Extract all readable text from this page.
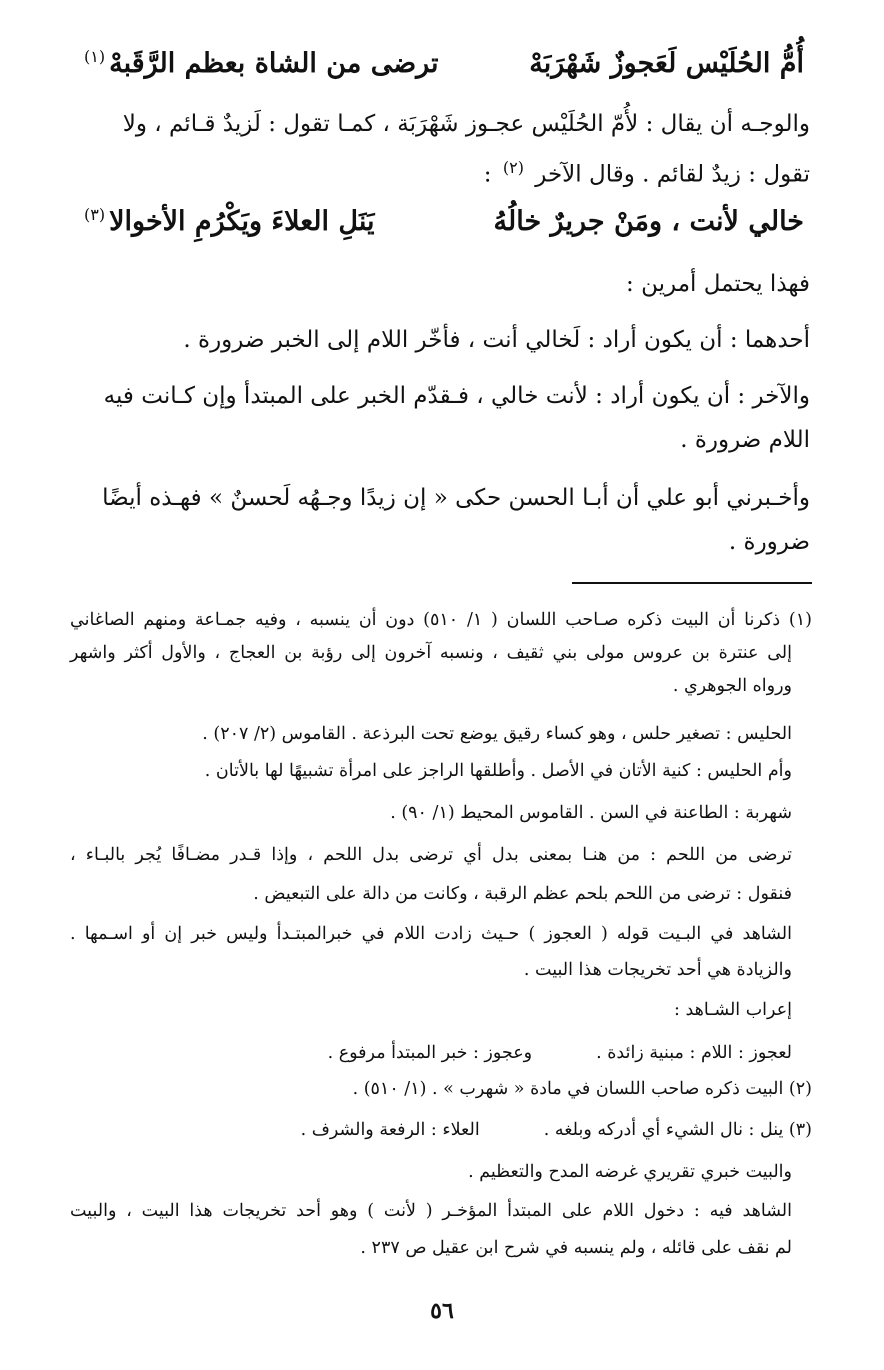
أُمُّ الحُلَيْس لَعَجوزٌ شَهْرَبَهْ
ترضى من الشاة بعظم الرَّقَبهْ$^{(١)}$
والوجـه أن يقال : لأُمّ الحُلَيْس عجـوز شَهْرَبَة ، كمـا تقول : لَزيدٌ قـائم ، ولا
تقول : زيدٌ لقائم . وقال الآخر $^{(٢)}$ :
خالي لأنت ، ومَنْ جريرٌ خالُهُ
يَنَلِ العلاءَ ويَكْرُمِ الأخوالا$^{(٣)}$
فهذا يحتمل أمرين :
أحدهما : أن يكون أراد : لَخالي أنت ، فأخّر اللام إلى الخبر ضرورة .
والآخر : أن يكون أراد : لأنت خالي ، فـقدّم الخبر على المبتدأ وإن كـانت فيه
اللام ضرورة .
وأخـبرني أبو علي أن أبـا الحسن حكى « إن زيدًا وجـهُه لَحسنٌ » فهـذه أيضًا
ضرورة .
(١) ذكرنا أن البيت ذكره صـاحب اللسان ( ١/ ٥١٠) دون أن ينسبه ، وفيه جمـاعة ومنهم الصاغاني
إلى عنترة بن عروس مولى بني ثقيف ، ونسبه آخرون إلى رؤبة بن العجاج ، والأول أكثر واشهر
ورواه الجوهري .
الحليس : تصغير حلس ، وهو كساء رقيق يوضع تحت البرذعة . القاموس (٢/ ٢٠٧) .
وأم الحليس : كنية الأتان في الأصل . وأطلقها الراجز على امرأة تشبيهًا لها بالأتان .
شهربة : الطاعنة في السن . القاموس المحيط (١/ ٩٠) .
ترضى من اللحم : من هنـا بمعنى بدل أي ترضى بدل اللحم ، وإذا قـدر مضـافًا يُجر بالبـاء ،
فنقول : ترضى من اللحم بلحم عظم الرقبة ، وكانت من دالة على التبعيض .
الشاهد في البـيت قوله ( العجوز ) حـيث زادت اللام في خبرالمبتـدأ وليس خبر إن أو اسـمها .
والزيادة هي أحد تخريجات هذا البيت .
إعراب الشـاهد :
لعجوز : اللام : مبنية زائدة .
وعجوز : خبر المبتدأ مرفوع .
(٢) البيت ذكره صاحب اللسان في مادة « شهرب » . (١/ ٥١٠) .
(٣) ينل : نال الشيء أي أدركه وبلغه .
العلاء : الرفعة والشرف .
والبيت خبري تقريري غرضه المدح والتعظيم .
الشاهد فيه : دخول اللام على المبتدأ المؤخـر ( لأنت ) وهو أحد تخريجات هذا البيت ، والبيت
لم نقف على قائله ، ولم ينسبه في شرح ابن عقيل ص ٢٣٧ .
٥٦
